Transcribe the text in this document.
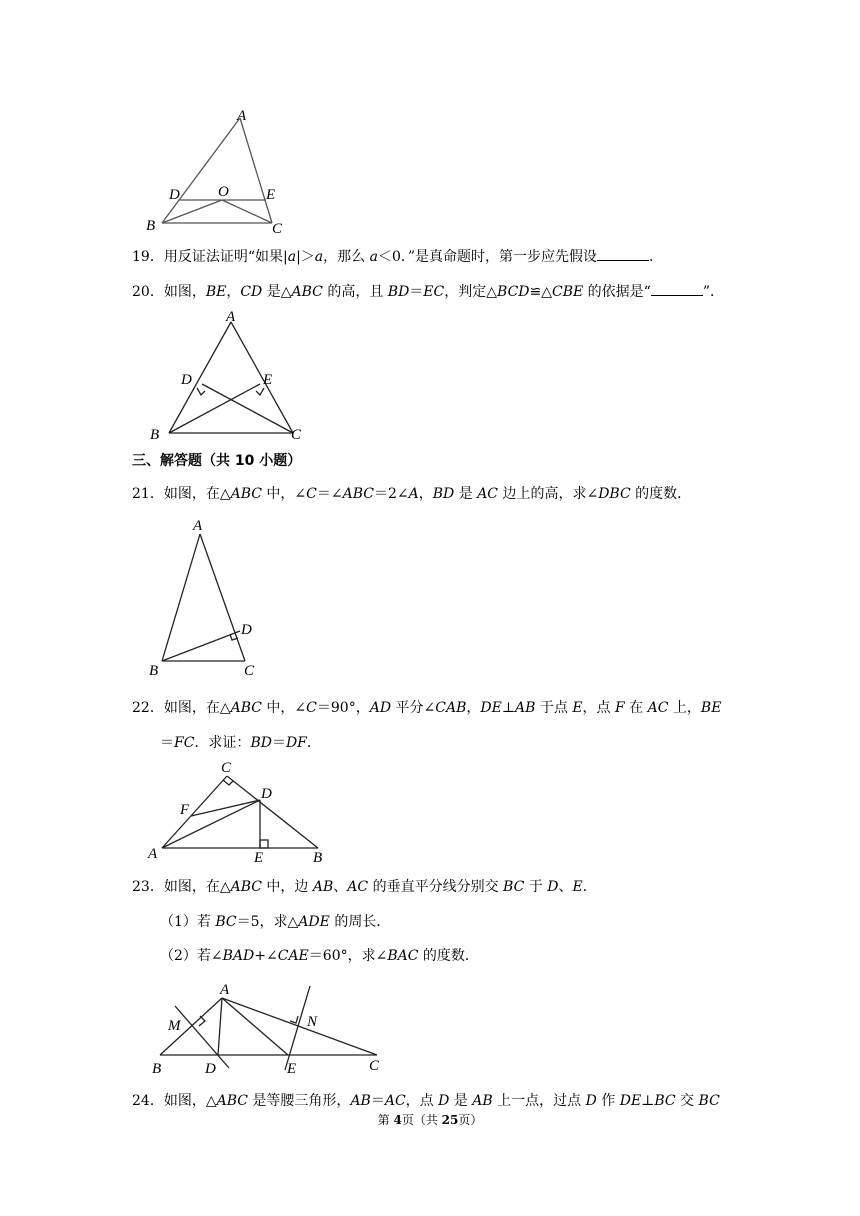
A
D	O E
B	C
19．用反证法证明“如果|a|＞a，那么 a＜0．”是真命题时，第一步应先假设	．
20．如图，BE，CD 是△ABC 的高，且 BD＝EC，判定△BCD≌△CBE 的依据是“	”．
A
D	E
B	C
三、解答题（共 10 小题）
21．如图，在△ABC 中，∠C＝∠ABC＝2∠A，BD 是 AC 边上的高，求∠DBC 的度数．
A
D
B	C
22．如图，在△ABC 中，∠C＝90°，AD 平分∠CAB，DE⊥AB 于点 E，点 F 在 AC 上，BE
＝FC．求证：BD＝DF．
C
D
F
A	E	B
23．如图，在△ABC 中，边 AB、AC 的垂直平分线分别交 BC 于 D、E．
（1）若 BC＝5，求△ADE 的周长．
（2）若∠BAD+∠CAE＝60°，求∠BAC 的度数．
A
M	N
B	D	E	C
24．如图，△ABC 是等腰三角形，AB＝AC，点 D 是 AB 上一点，过点 D 作 DE⊥BC 交 BC
第 4页（共 25页）
